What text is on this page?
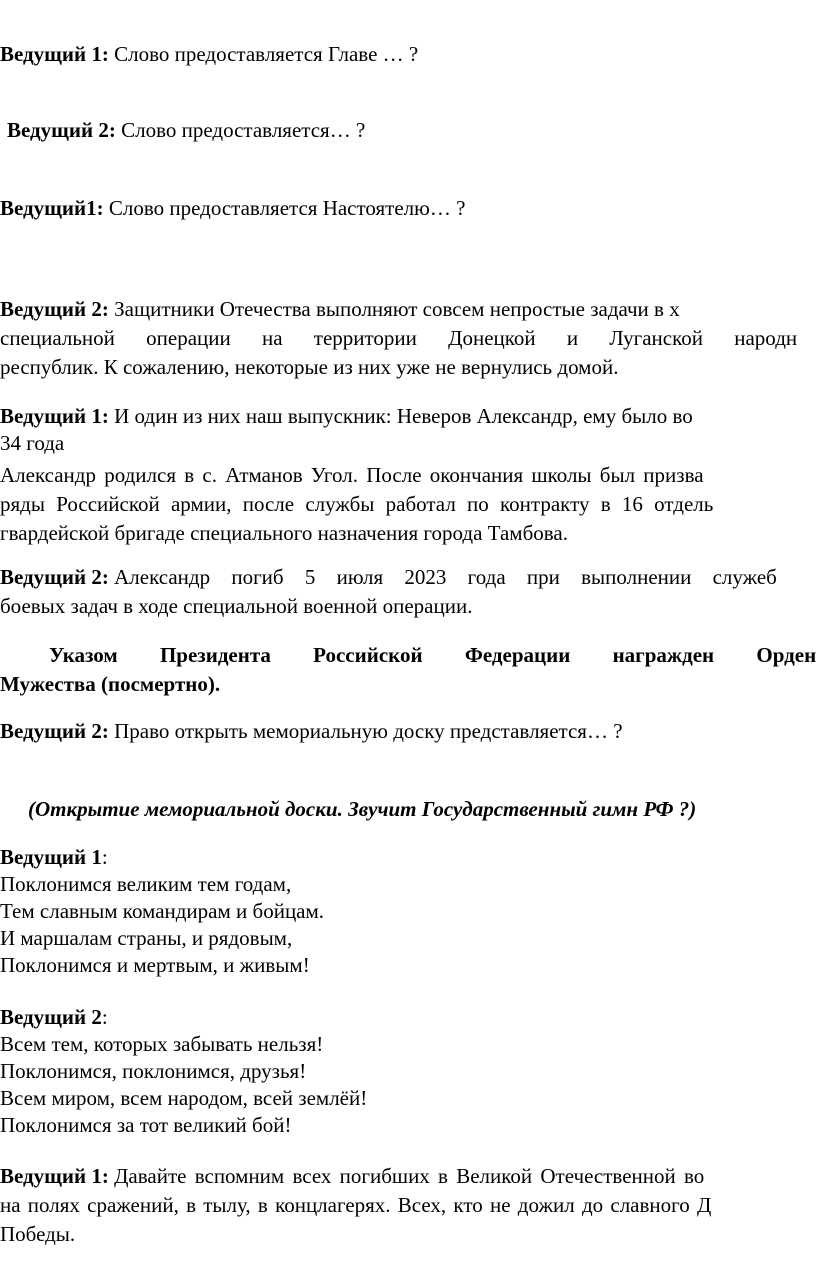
Ведущий 1: Слово предоставляется Главе … ?
Ведущий 2: Слово предоставляется… ?
Ведущий1: Слово предоставляется Настоятелю… ?
Ведущий 2: Защитники Отечества выполняют совсем непростые задачи в х
специальной операции на территории Донецкой и Луганской народн
республик. К сожалению, некоторые из них уже не вернулись домой.
Ведущий 1: И один из них наш выпускник: Неверов Александр, ему было во
34 года
Александр родился в с. Атманов Угол. После окончания школы был призва
ряды Российской армии, после службы работал по контракту в 16 отдель
гвардейской бригаде специального назначения города Тамбова.
Ведущий 2: Александр погиб 5 июля 2023 года при выполнении служеб
боевых задач в ходе специальной военной операции.
Указом Президента Российской Федерации награжден Орден
Мужества (посмертно).
Ведущий 2: Право открыть мемориальную доску представляется… ?
(Открытие мемориальной доски. Звучит Государственный гимн РФ ?)
Ведущий 1:
Поклонимся великим тем годам,
Тем славным командирам и бойцам.
И маршалам страны, и рядовым,
Поклонимся и мертвым, и живым!
Ведущий 2:
Всем тем, которых забывать нельзя!
Поклонимся, поклонимся, друзья!
Всем миром, всем народом, всей землёй!
Поклонимся за тот великий бой!
Ведущий 1: Давайте вспомним всех погибших в Великой Отечественной во
на полях сражений, в тылу, в концлагерях. Всех, кто не дожил до славного Д
Победы.
